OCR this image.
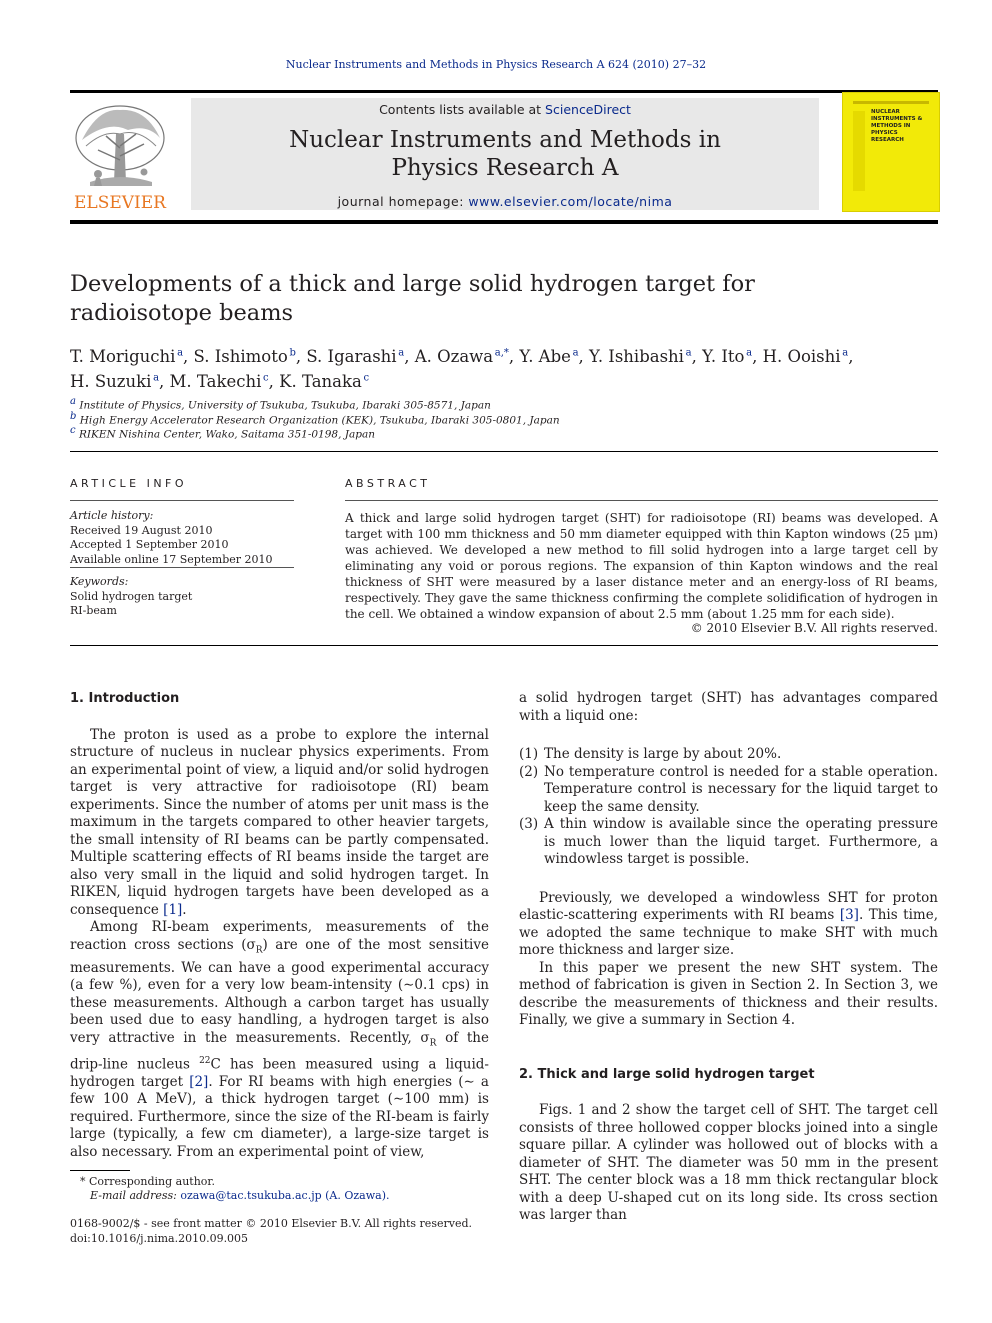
Nuclear Instruments and Methods in Physics Research A 624 (2010) 27–32
ELSEVIER
Contents lists available at ScienceDirect
Nuclear Instruments and Methods in
Physics Research A
journal homepage: www.elsevier.com/locate/nima
NUCLEAR INSTRUMENTS & METHODS IN PHYSICS RESEARCH
Developments of a thick and large solid hydrogen target for radioisotope beams
T. Moriguchi  $^a$, S. Ishimoto  $^b$, S. Igarashi  $^a$, A. Ozawa  $^{a,*}$, Y. Abe  $^a$, Y. Ishibashi  $^a$, Y. Ito  $^a$, H. Ooishi  $^a$,
H. Suzuki  $^a$, M. Takechi  $^c$, K. Tanaka  $^c$
$^a$ Institute of Physics, University of Tsukuba, Tsukuba, Ibaraki 305-8571, Japan
$^b$ High Energy Accelerator Research Organization (KEK), Tsukuba, Ibaraki 305-0801, Japan
$^c$ RIKEN Nishina Center, Wako, Saitama 351-0198, Japan
ARTICLE INFO
Article history:
Received 19 August 2010
Accepted 1 September 2010
Available online 17 September 2010
Keywords:
Solid hydrogen target
RI-beam
ABSTRACT
A thick and large solid hydrogen target (SHT) for radioisotope (RI) beams was developed. A target with 100 mm thickness and 50 mm diameter equipped with thin Kapton windows (25 μm) was achieved. We developed a new method to fill solid hydrogen into a large target cell by eliminating any void or porous regions. The expansion of thin Kapton windows and the real thickness of SHT were measured by a laser distance meter and an energy-loss of RI beams, respectively. They gave the same thickness confirming the complete solidification of hydrogen in the cell. We obtained a window expansion of about 2.5 mm (about 1.25 mm for each side).
© 2010 Elsevier B.V. All rights reserved.
1. Introduction

The proton is used as a probe to explore the internal structure of nucleus in nuclear physics experiments. From an experimental point of view, a liquid and/or solid hydrogen target is very attractive for radioisotope (RI) beam experiments. Since the number of atoms per unit mass is the maximum in the targets compared to other heavier targets, the small intensity of RI beams can be partly compensated. Multiple scattering effects of RI beams inside the target are also very small in the liquid and solid hydrogen target. In RIKEN, liquid hydrogen targets have been developed as a consequence [1].

Among RI-beam experiments, measurements of the reaction cross sections $(\sigma_R)$ are one of the most sensitive measurements. We can have a good experimental accuracy (a few %), even for a very low beam-intensity (∼0.1 cps) in these measurements. Although a carbon target has usually been used due to easy handling, a hydrogen target is also very attractive in the measurements. Recently, $\sigma_R$ of the drip-line nucleus $^{22}$C has been measured using a liquid-hydrogen target [2]. For RI beams with high energies (∼ a few 100 A MeV), a thick hydrogen target (∼100 mm) is required. Furthermore, since the size of the RI-beam is fairly large (typically, a few cm diameter), a large-size target is also necessary. From an experimental point of view,

a solid hydrogen target (SHT) has advantages compared with a liquid one:

(1) The density is large by about 20%.
(2) No temperature control is needed for a stable operation. Temperature control is necessary for the liquid target to keep the same density.
(3) A thin window is available since the operating pressure is much lower than the liquid target. Furthermore, a windowless target is possible.

Previously, we developed a windowless SHT for proton elastic-scattering experiments with RI beams [3]. This time, we adopted the same technique to make SHT with much more thickness and larger size.

In this paper we present the new SHT system. The method of fabrication is given in Section 2. In Section 3, we describe the measurements of thickness and their results. Finally, we give a summary in Section 4.

2. Thick and large solid hydrogen target

Figs. 1 and 2 show the target cell of SHT. The target cell consists of three hollowed copper blocks joined into a single square pillar. A cylinder was hollowed out of blocks with a diameter of SHT. The diameter was 50 mm in the present SHT. The center block was a 18 mm thick rectangular block with a deep U-shaped cut on its long side. Its cross section was larger than

* Corresponding author.
E-mail address: ozawa@tac.tsukuba.ac.jp (A. Ozawa).
0168-9002/$ - see front matter © 2010 Elsevier B.V. All rights reserved.
doi:10.1016/j.nima.2010.09.005
